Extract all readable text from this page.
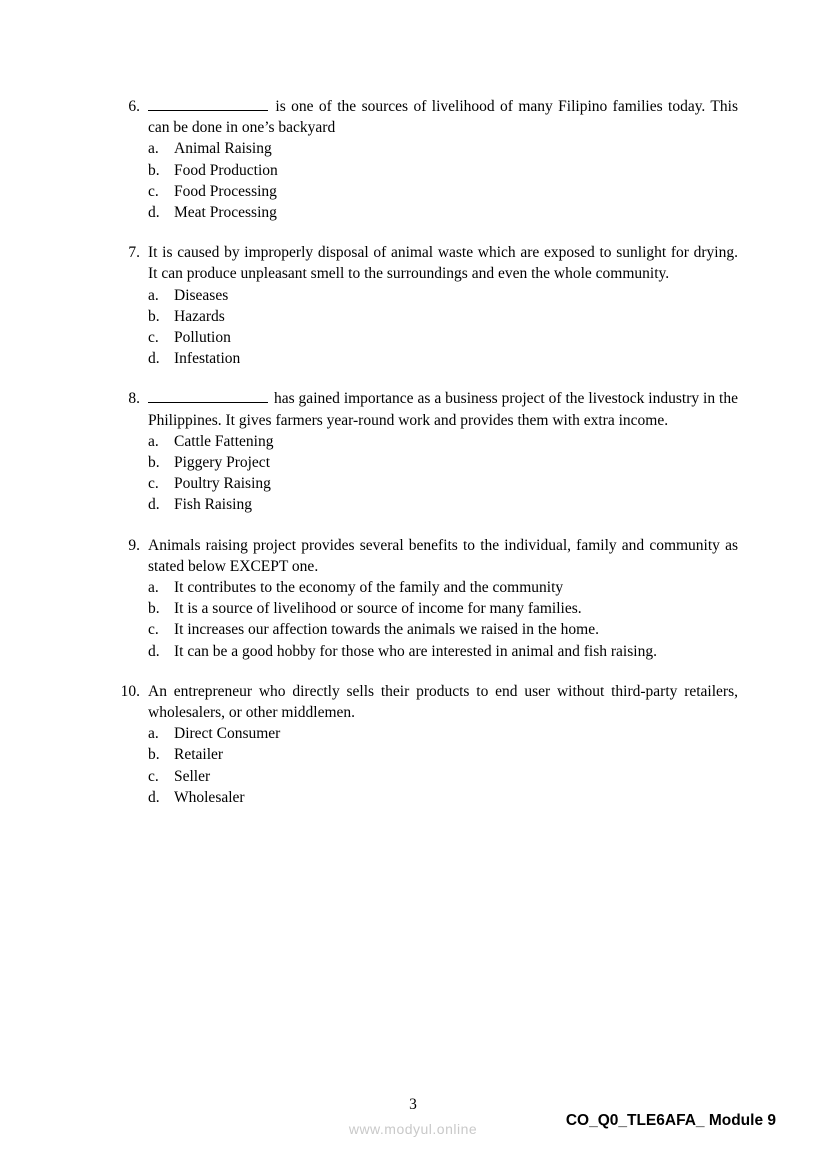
6.	is one of the sources of livelihood of many Filipino families today. This can be done in one’s backyard
a. Animal Raising
b. Food Production
c. Food Processing
d. Meat Processing
7. It is caused by improperly disposal of animal waste which are exposed to sunlight for drying. It can produce unpleasant smell to the surroundings and even the whole community.
a. Diseases
b. Hazards
c. Pollution
d. Infestation
8.	has gained importance as a business project of the livestock industry in the Philippines. It gives farmers year-round work and provides them with extra income.
a. Cattle Fattening
b. Piggery Project
c. Poultry Raising
d. Fish Raising
9. Animals raising project provides several benefits to the individual, family and community as stated below EXCEPT one.
a. It contributes to the economy of the family and the community
b. It is a source of livelihood or source of income for many families.
c. It increases our affection towards the animals we raised in the home.
d. It can be a good hobby for those who are interested in animal and fish raising.
10. An entrepreneur who directly sells their products to end user without third-party retailers, wholesalers, or other middlemen.
a. Direct Consumer
b. Retailer
c. Seller
d. Wholesaler
3
CO_Q0_TLE6AFA_ Module 9
www.modyul.online
